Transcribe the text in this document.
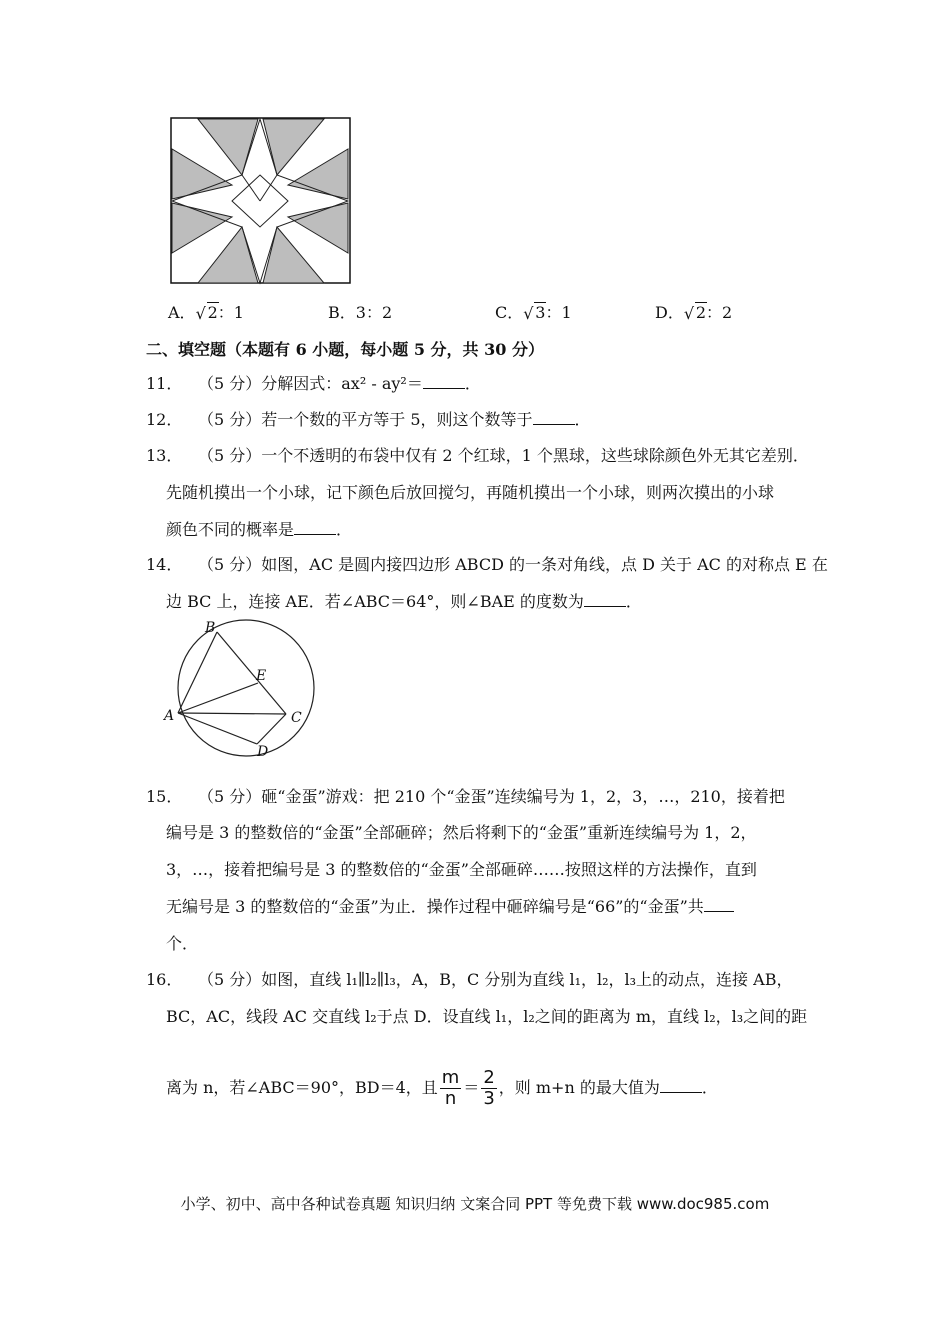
A． √ 2：1	B．3：2	C． √ 3：1	D． √ 2：2
二、填空题（本题有 6 小题，每小题 5 分，共 30 分）
11． （5 分）分解因式：ax² - ay²＝	．
12． （5 分）若一个数的平方等于 5，则这个数等于	．
13． （5 分）一个不透明的布袋中仅有 2 个红球，1 个黑球，这些球除颜色外无其它差别．
先随机摸出一个小球，记下颜色后放回搅匀，再随机摸出一个小球，则两次摸出的小球
颜色不同的概率是	．
14． （5 分）如图，AC 是圆内接四边形 ABCD 的一条对角线，点 D 关于 AC 的对称点 E 在
边 BC 上，连接 AE．若∠ABC＝64°，则∠BAE 的度数为	．
B
E
A	C
D
15． （5 分）砸“金蛋”游戏：把 210 个“金蛋”连续编号为 1，2，3，…，210，接着把
编号是 3 的整数倍的“金蛋”全部砸碎；然后将剩下的“金蛋”重新连续编号为 1，2，
3，…，接着把编号是 3 的整数倍的“金蛋”全部砸碎……按照这样的方法操作，直到
无编号是 3 的整数倍的“金蛋”为止．操作过程中砸碎编号是“66”的“金蛋”共
个．
16． （5 分）如图，直线 l₁∥l₂∥l₃，A，B，C 分别为直线 l₁，l₂，l₃上的动点，连接 AB，
BC，AC，线段 AC 交直线 l₂于点 D．设直线 l₁，l₂之间的距离为 m，直线 l₂，l₃之间的距
离为 n，若∠ABC＝90°，BD＝4，且 $\frac{m}{n} = \frac{2}{3}$ ，则 m+n 的最大值为	．
小学、初中、高中各种试卷真题 知识归纳 文案合同 PPT 等免费下载 www.doc985.com
